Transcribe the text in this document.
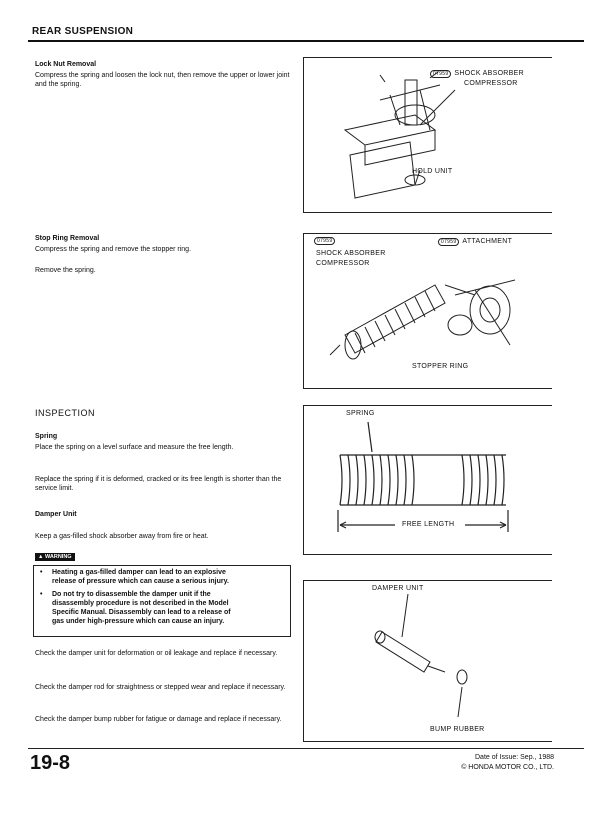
REAR SUSPENSION
Lock Nut Removal
Compress the spring and loosen the lock nut, then remove the upper or lower joint and the spring.
07959 SHOCK ABSORBER
COMPRESSOR
HOLD UNIT
Stop Ring Removal
Compress the spring and remove the stopper ring.
Remove the spring.
07959
SHOCK ABSORBER
COMPRESSOR
07959 ATTACHMENT
STOPPER RING
INSPECTION
Spring
Place the spring on a level surface and measure the free length.
Replace the spring if it is deformed, cracked or its free length is shorter than the service limit.
Damper Unit
Keep a gas-filled shock absorber away from fire or heat.
▲ WARNING
• Heating a gas-filled damper can lead to an explosive
release of pressure which can cause a serious injury.
• Do not try to disassemble the damper unit if the
disassembly procedure is not described in the Model
Specific Manual. Disassembly can lead to a release of
gas under high-pressure which can cause an injury.
Check the damper unit for deformation or oil leakage and replace if necessary.
Check the damper rod for straightness or stepped wear and replace if necessary.
Check the damper bump rubber for fatigue or damage and replace if necessary.
SPRING
FREE LENGTH
DAMPER UNIT
BUMP RUBBER
19-8	Date of Issue: Sep., 1988
© HONDA MOTOR CO., LTD.
